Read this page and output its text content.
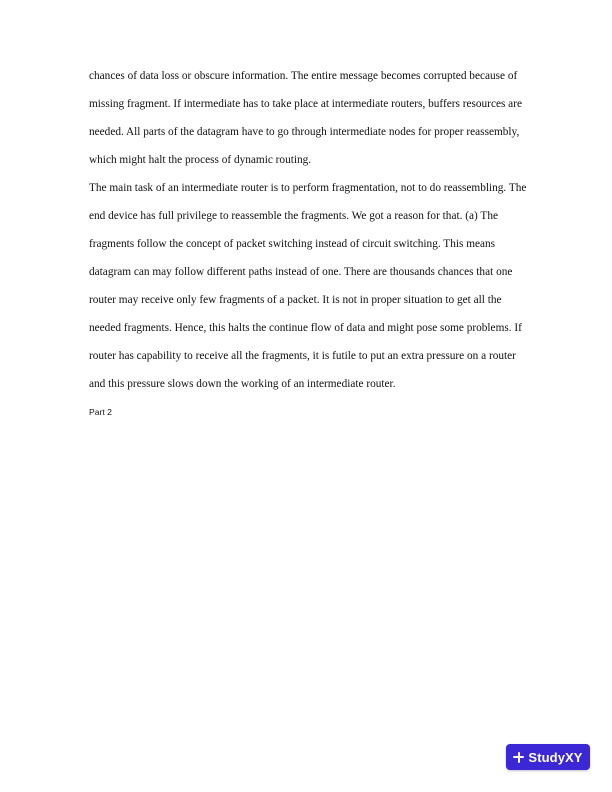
chances of data loss or obscure information. The entire message becomes corrupted because of missing fragment. If intermediate has to take place at intermediate routers, buffers resources are needed. All parts of the datagram have to go through intermediate nodes for proper reassembly, which might halt the process of dynamic routing.

The main task of an intermediate router is to perform fragmentation, not to do reassembling. The end device has full privilege to reassemble the fragments. We got a reason for that. (a) The fragments follow the concept of packet switching instead of circuit switching. This means datagram can may follow different paths instead of one. There are thousands chances that one router may receive only few fragments of a packet. It is not in proper situation to get all the needed fragments. Hence, this halts the continue flow of data and might pose some problems. If router has capability to receive all the fragments, it is futile to put an extra pressure on a router and this pressure slows down the working of an intermediate router.

Part 2

StudyXY
